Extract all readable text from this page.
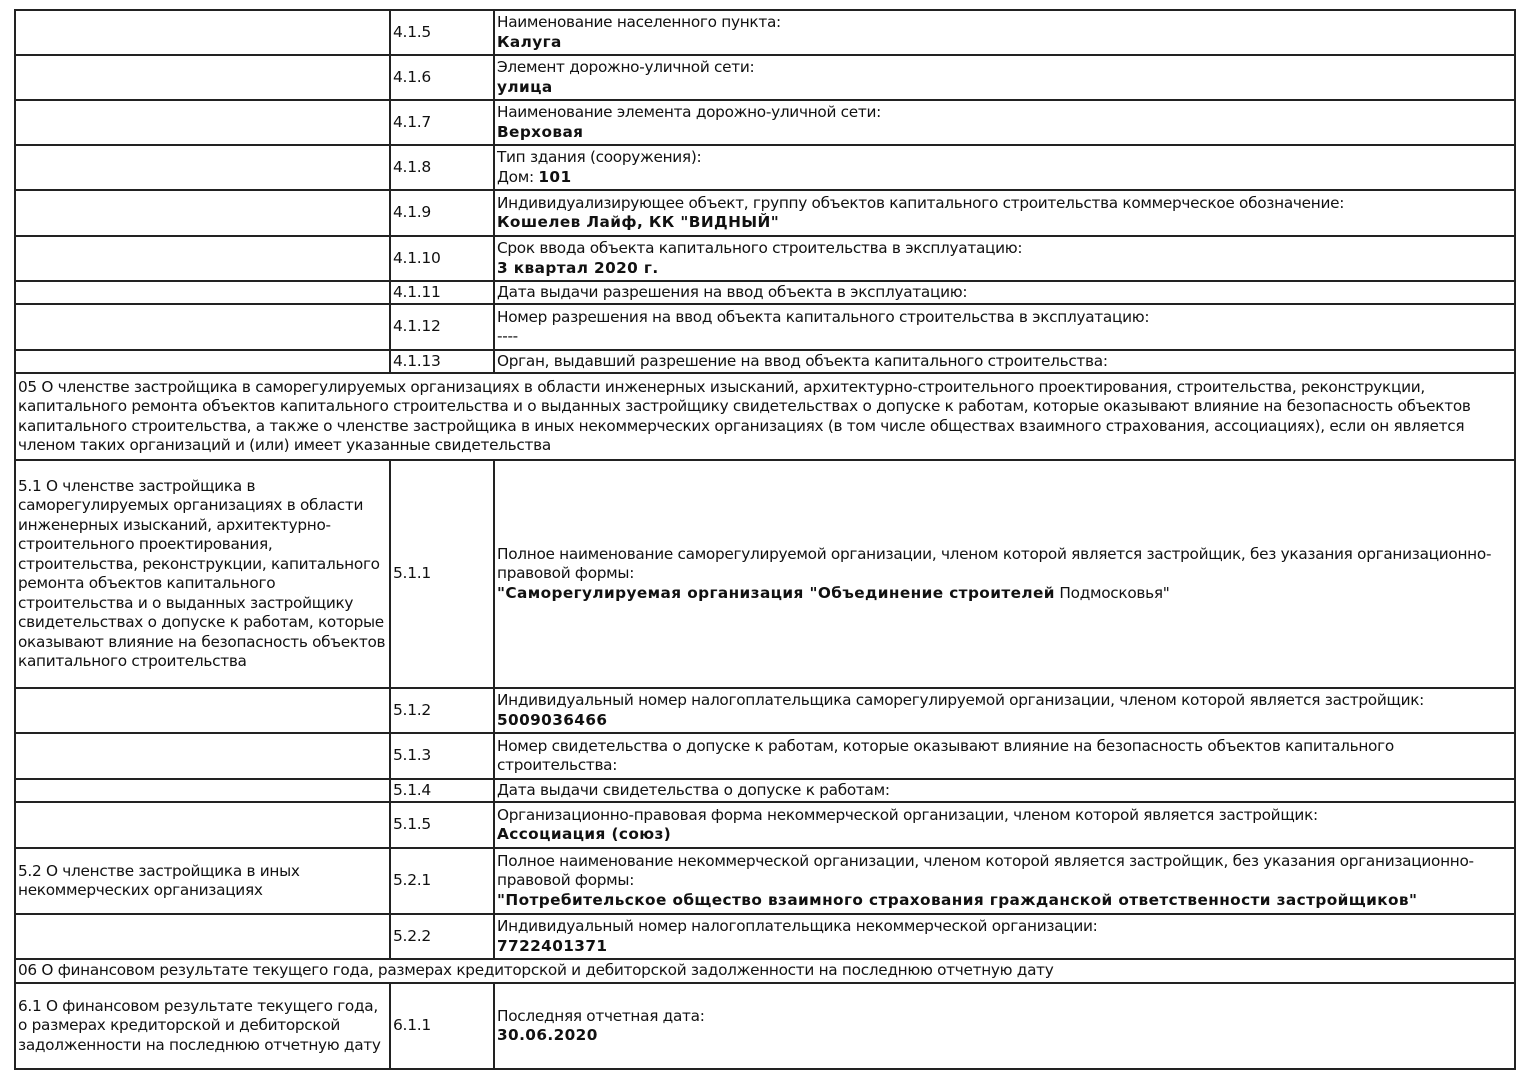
	4.1.5	Наименование населенного пункта:
Калуга

	4.1.6	Элемент дорожно-уличной сети:
улица

	4.1.7	Наименование элемента дорожно-уличной сети:
Верховая

	4.1.8	Тип здания (сооружения):
Дом: 101

	4.1.9	Индивидуализирующее объект, группу объектов капитального строительства коммерческое обозначение:
Кошелев Лайф, КК "ВИДНЫЙ"

	4.1.10	Срок ввода объекта капитального строительства в эксплуатацию:
3 квартал 2020 г.

	4.1.11	Дата выдачи разрешения на ввод объекта в эксплуатацию:

	4.1.12	Номер разрешения на ввод объекта капитального строительства в эксплуатацию:
----

	4.1.13	Орган, выдавший разрешение на ввод объекта капитального строительства:

05 О членстве застройщика в саморегулируемых организациях в области инженерных изысканий, архитектурно-строительного проектирования, строительства, реконструкции, капитального ремонта объектов капитального строительства и о выданных застройщику свидетельствах о допуске к работам, которые оказывают влияние на безопасность объектов капитального строительства, а также о членстве застройщика в иных некоммерческих организациях (в том числе обществах взаимного страхования, ассоциациях), если он является членом таких организаций и (или) имеет указанные свидетельства		
5.1 О членстве застройщика в саморегулируемых организациях в области инженерных изысканий, архитектурно-строительного проектирования, строительства, реконструкции, капитального ремонта объектов капитального строительства и о выданных застройщику свидетельствах о допуске к работам, которые оказывают влияние на безопасность объектов капитального строительства	5.1.1	Полное наименование саморегулируемой организации, членом которой является застройщик, без указания организационно-правовой формы:
"Саморегулируемая организация "Объединение строителей Подмосковья"

	5.1.2	Индивидуальный номер налогоплательщика саморегулируемой организации, членом которой является застройщик:
5009036466

	5.1.3	Номер свидетельства о допуске к работам, которые оказывают влияние на безопасность объектов капитального строительства:

	5.1.4	Дата выдачи свидетельства о допуске к работам:

	5.1.5	Организационно-правовая форма некоммерческой организации, членом которой является застройщик:
Ассоциация (союз)

5.2 О членстве застройщика в иных некоммерческих организациях	5.2.1	Полное наименование некоммерческой организации, членом которой является застройщик, без указания организационно-правовой формы:
"Потребительское общество взаимного страхования гражданской ответственности застройщиков"

	5.2.2	Индивидуальный номер налогоплательщика некоммерческой организации:
7722401371

06 О финансовом результате текущего года, размерах кредиторской и дебиторской задолженности на последнюю отчетную дату		
6.1 О финансовом результате текущего года, о размерах кредиторской и дебиторской задолженности на последнюю отчетную дату	6.1.1	Последняя отчетная дата:
30.06.2020
